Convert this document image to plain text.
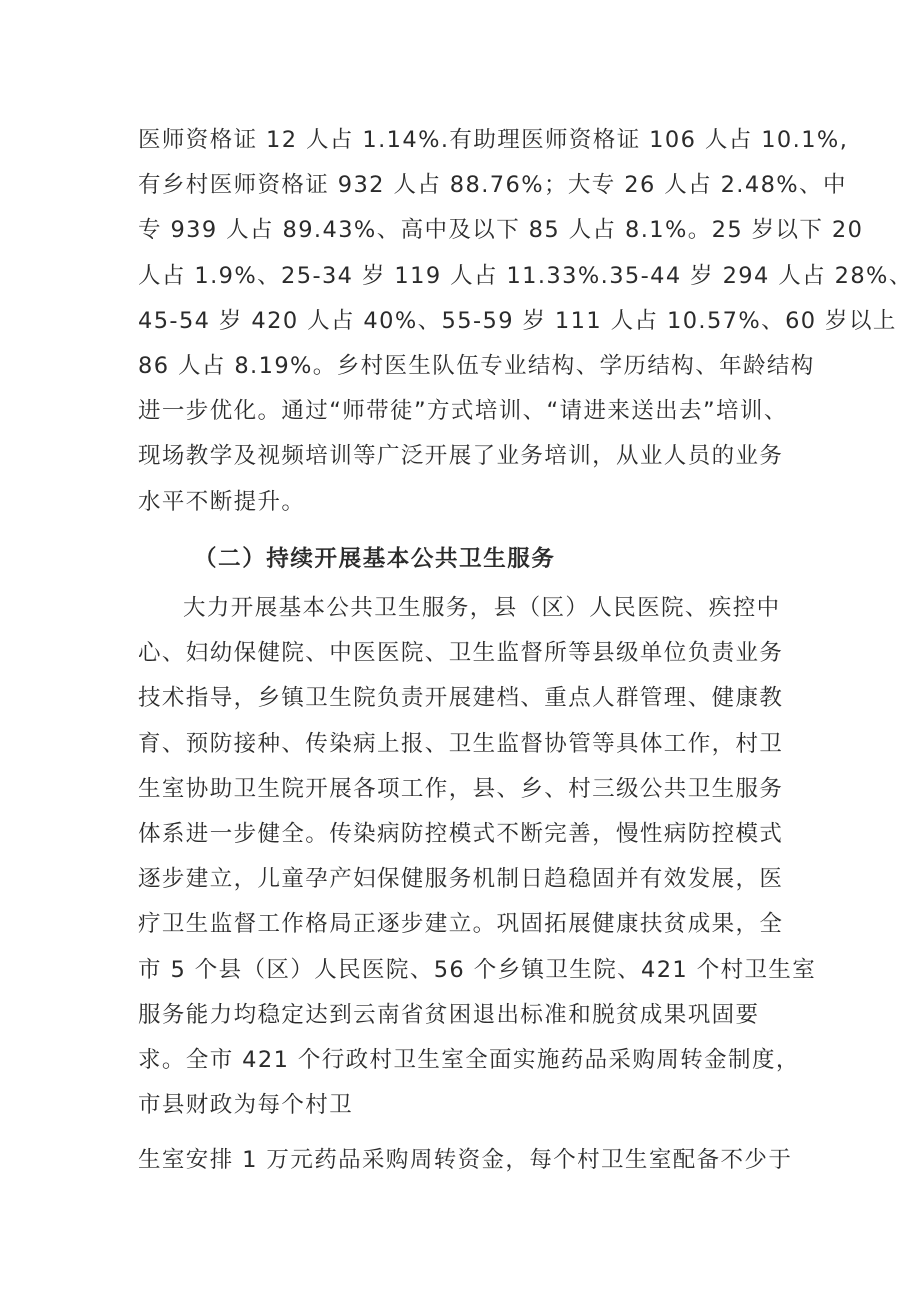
医师资格证 12 人占 1.14%.有助理医师资格证 106 人占 10.1%,
有乡村医师资格证 932 人占 88.76%；大专 26 人占 2.48%、中
专 939 人占 89.43%、高中及以下 85 人占 8.1%。25 岁以下 20
人占 1.9%、25-34 岁 119 人占 11.33%.35-44 岁 294 人占 28%、
45-54 岁 420 人占 40%、55-59 岁 111 人占 10.57%、60 岁以上
86 人占 8.19%。乡村医生队伍专业结构、学历结构、年龄结构
进一步优化。通过“师带徒”方式培训、“请进来送出去”培训、
现场教学及视频培训等广泛开展了业务培训，从业人员的业务
水平不断提升。

（二）持续开展基本公共卫生服务

大力开展基本公共卫生服务，县（区）人民医院、疾控中
心、妇幼保健院、中医医院、卫生监督所等县级单位负责业务
技术指导，乡镇卫生院负责开展建档、重点人群管理、健康教
育、预防接种、传染病上报、卫生监督协管等具体工作，村卫
生室协助卫生院开展各项工作，县、乡、村三级公共卫生服务
体系进一步健全。传染病防控模式不断完善，慢性病防控模式
逐步建立，儿童孕产妇保健服务机制日趋稳固并有效发展，医
疗卫生监督工作格局正逐步建立。巩固拓展健康扶贫成果，全
市 5 个县（区）人民医院、56 个乡镇卫生院、421 个村卫生室
服务能力均稳定达到云南省贫困退出标准和脱贫成果巩固要
求。全市 421 个行政村卫生室全面实施药品采购周转金制度，
市县财政为每个村卫

生室安排 1 万元药品采购周转资金，每个村卫生室配备不少于
